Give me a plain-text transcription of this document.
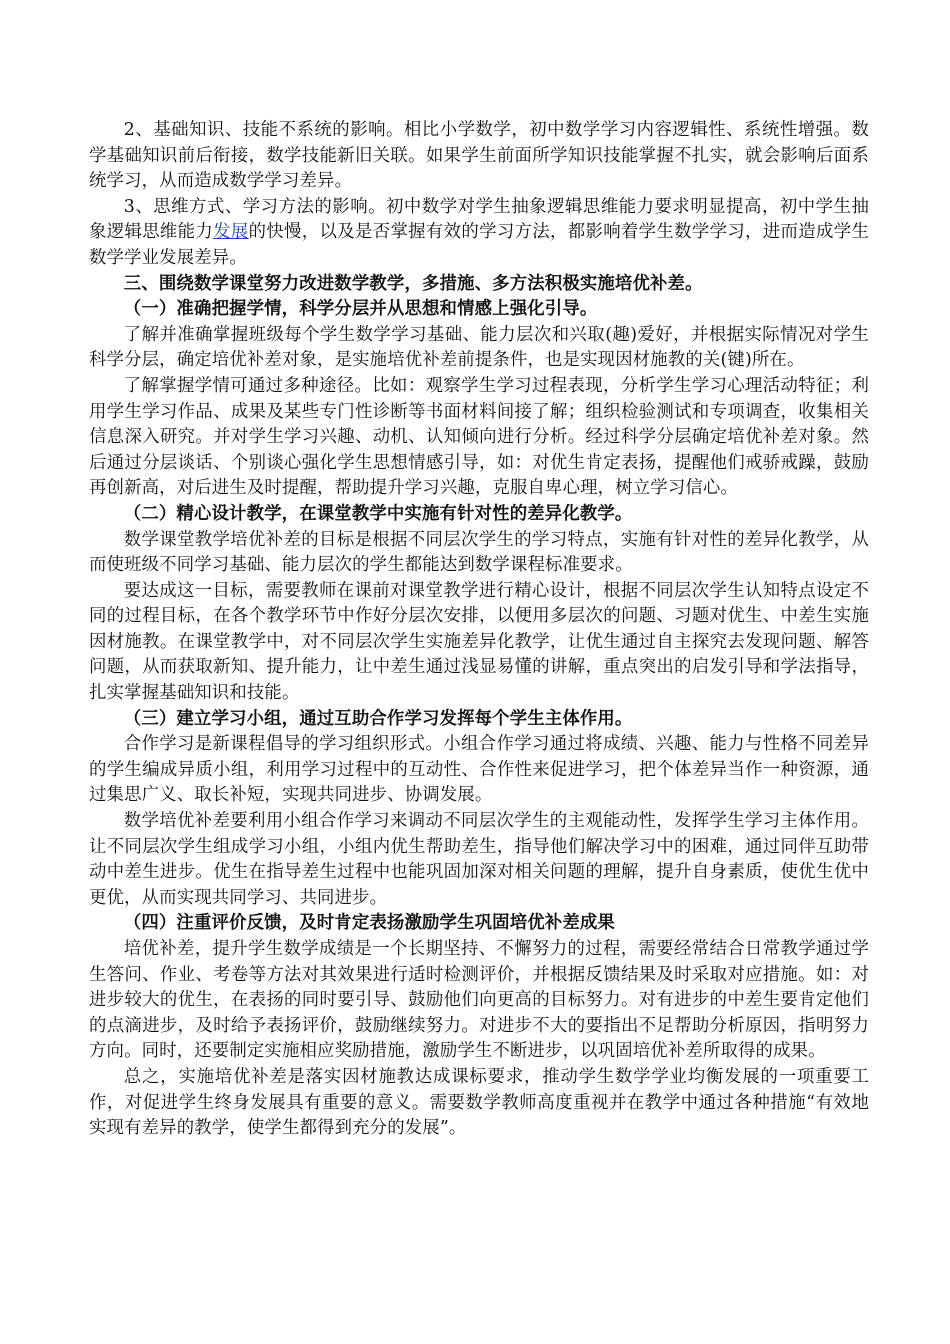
2、基础知识、技能不系统的影响。相比小学数学，初中数学学习内容逻辑性、系统性增强。数学基础知识前后衔接，数学技能新旧关联。如果学生前面所学知识技能掌握不扎实，就会影响后面系统学习，从而造成数学学习差异。

3、思维方式、学习方法的影响。初中数学对学生抽象逻辑思维能力要求明显提高，初中学生抽象逻辑思维能力发展的快慢，以及是否掌握有效的学习方法，都影响着学生数学学习，进而造成学生数学学业发展差异。

三、围绕数学课堂努力改进数学教学，多措施、多方法积极实施培优补差。

（一）准确把握学情，科学分层并从思想和情感上强化引导。

了解并准确掌握班级每个学生数学学习基础、能力层次和兴取(趣)爱好，并根据实际情况对学生科学分层，确定培优补差对象，是实施培优补差前提条件，也是实现因材施教的关(键)所在。

了解掌握学情可通过多种途径。比如：观察学生学习过程表现，分析学生学习心理活动特征；利用学生学习作品、成果及某些专门性诊断等书面材料间接了解；组织检验测试和专项调查，收集相关信息深入研究。并对学生学习兴趣、动机、认知倾向进行分析。经过科学分层确定培优补差对象。然后通过分层谈话、个别谈心强化学生思想情感引导，如：对优生肯定表扬，提醒他们戒骄戒躁，鼓励再创新高，对后进生及时提醒，帮助提升学习兴趣，克服自卑心理，树立学习信心。

（二）精心设计教学，在课堂教学中实施有针对性的差异化教学。

数学课堂教学培优补差的目标是根据不同层次学生的学习特点，实施有针对性的差异化教学，从而使班级不同学习基础、能力层次的学生都能达到数学课程标准要求。

要达成这一目标，需要教师在课前对课堂教学进行精心设计，根据不同层次学生认知特点设定不同的过程目标，在各个教学环节中作好分层次安排，以便用多层次的问题、习题对优生、中差生实施因材施教。在课堂教学中，对不同层次学生实施差异化教学，让优生通过自主探究去发现问题、解答问题，从而获取新知、提升能力，让中差生通过浅显易懂的讲解，重点突出的启发引导和学法指导，扎实掌握基础知识和技能。

（三）建立学习小组，通过互助合作学习发挥每个学生主体作用。

合作学习是新课程倡导的学习组织形式。小组合作学习通过将成绩、兴趣、能力与性格不同差异的学生编成异质小组，利用学习过程中的互动性、合作性来促进学习，把个体差异当作一种资源，通过集思广义、取长补短，实现共同进步、协调发展。

数学培优补差要利用小组合作学习来调动不同层次学生的主观能动性，发挥学生学习主体作用。让不同层次学生组成学习小组，小组内优生帮助差生，指导他们解决学习中的困难，通过同伴互助带动中差生进步。优生在指导差生过程中也能巩固加深对相关问题的理解，提升自身素质，使优生优中更优，从而实现共同学习、共同进步。

（四）注重评价反馈，及时肯定表扬激励学生巩固培优补差成果

培优补差，提升学生数学成绩是一个长期坚持、不懈努力的过程，需要经常结合日常教学通过学生答问、作业、考卷等方法对其效果进行适时检测评价，并根据反馈结果及时采取对应措施。如：对进步较大的优生，在表扬的同时要引导、鼓励他们向更高的目标努力。对有进步的中差生要肯定他们的点滴进步，及时给予表扬评价，鼓励继续努力。对进步不大的要指出不足帮助分析原因，指明努力方向。同时，还要制定实施相应奖励措施，激励学生不断进步，以巩固培优补差所取得的成果。

总之，实施培优补差是落实因材施教达成课标要求，推动学生数学学业均衡发展的一项重要工作，对促进学生终身发展具有重要的意义。需要数学教师高度重视并在教学中通过各种措施“有效地实现有差异的教学，使学生都得到充分的发展”。
